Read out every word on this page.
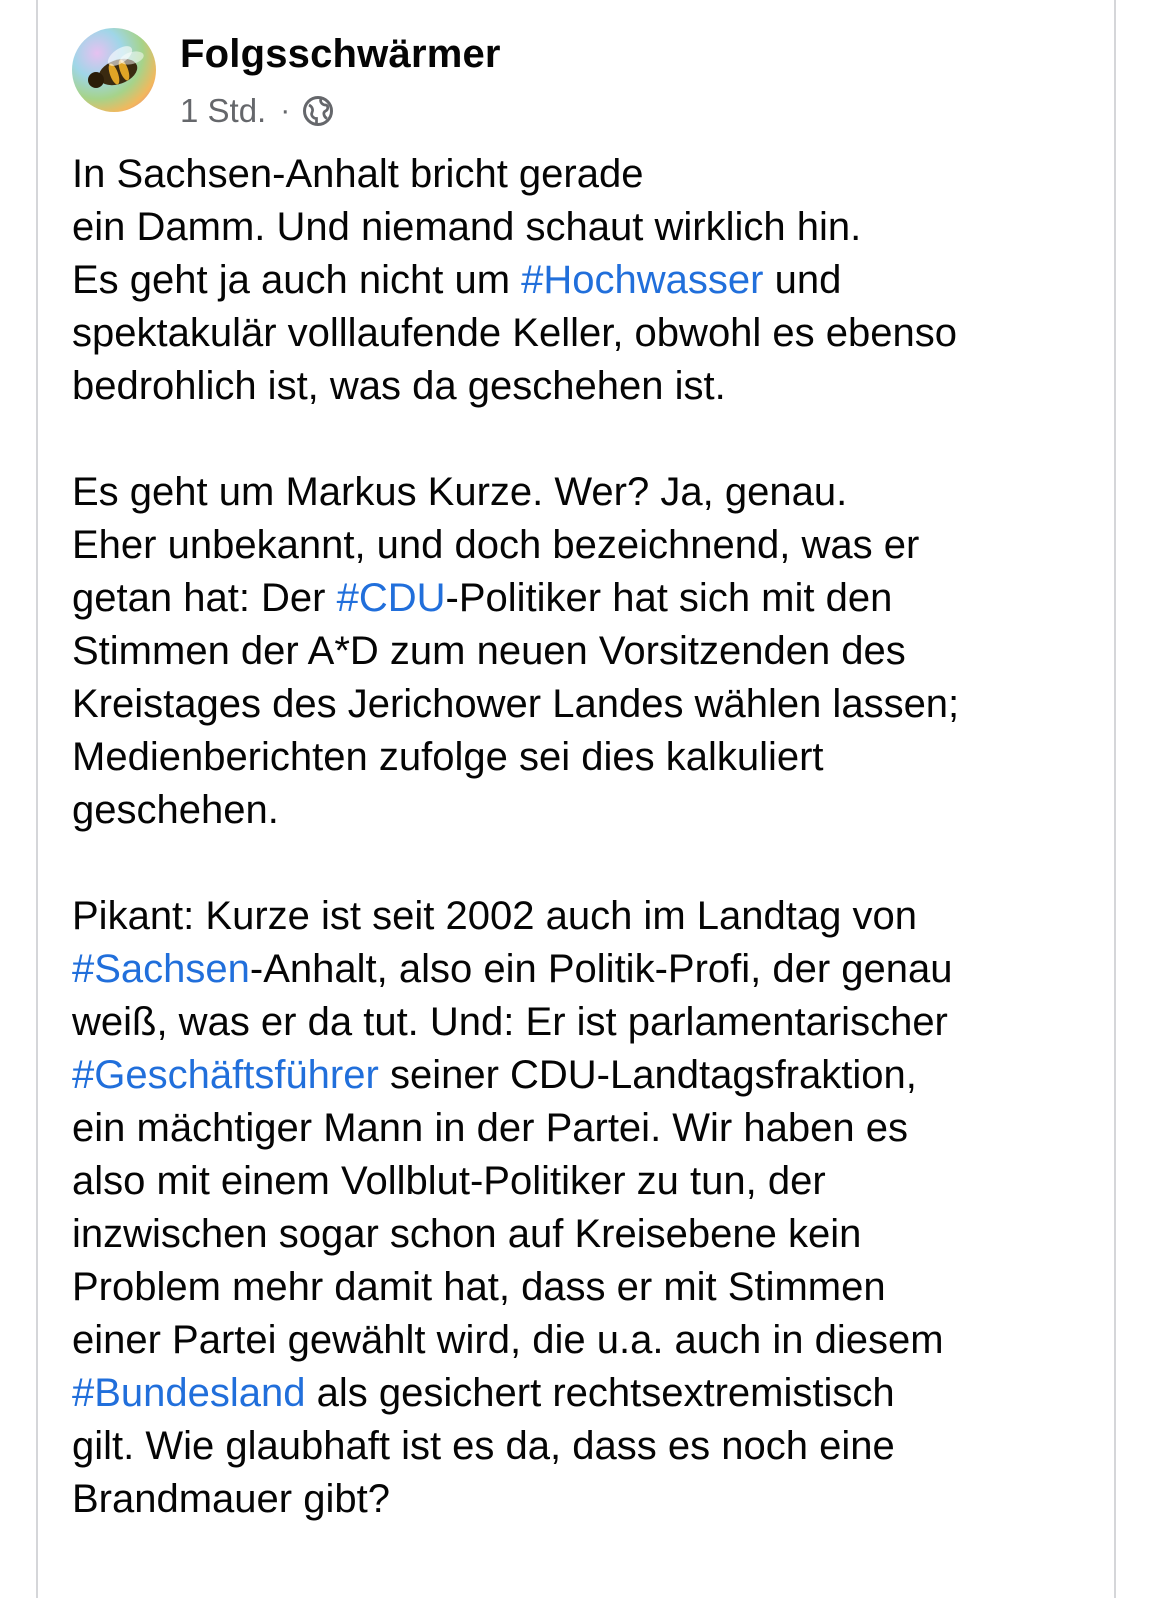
Folgsschwärmer
1 Std. ·
In Sachsen-Anhalt bricht gerade
ein Damm. Und niemand schaut wirklich hin.
Es geht ja auch nicht um #Hochwasser und
spektakulär volllaufende Keller, obwohl es ebenso
bedrohlich ist, was da geschehen ist.
Es geht um Markus Kurze. Wer? Ja, genau.
Eher unbekannt, und doch bezeichnend, was er
getan hat: Der #CDU-Politiker hat sich mit den
Stimmen der A*D zum neuen Vorsitzenden des
Kreistages des Jerichower Landes wählen lassen;
Medienberichten zufolge sei dies kalkuliert
geschehen.
Pikant: Kurze ist seit 2002 auch im Landtag von
#Sachsen-Anhalt, also ein Politik-Profi, der genau
weiß, was er da tut. Und: Er ist parlamentarischer
#Geschäftsführer seiner CDU-Landtagsfraktion,
ein mächtiger Mann in der Partei. Wir haben es
also mit einem Vollblut-Politiker zu tun, der
inzwischen sogar schon auf Kreisebene kein
Problem mehr damit hat, dass er mit Stimmen
einer Partei gewählt wird, die u.a. auch in diesem
#Bundesland als gesichert rechtsextremistisch
gilt. Wie glaubhaft ist es da, dass es noch eine
Brandmauer gibt?
